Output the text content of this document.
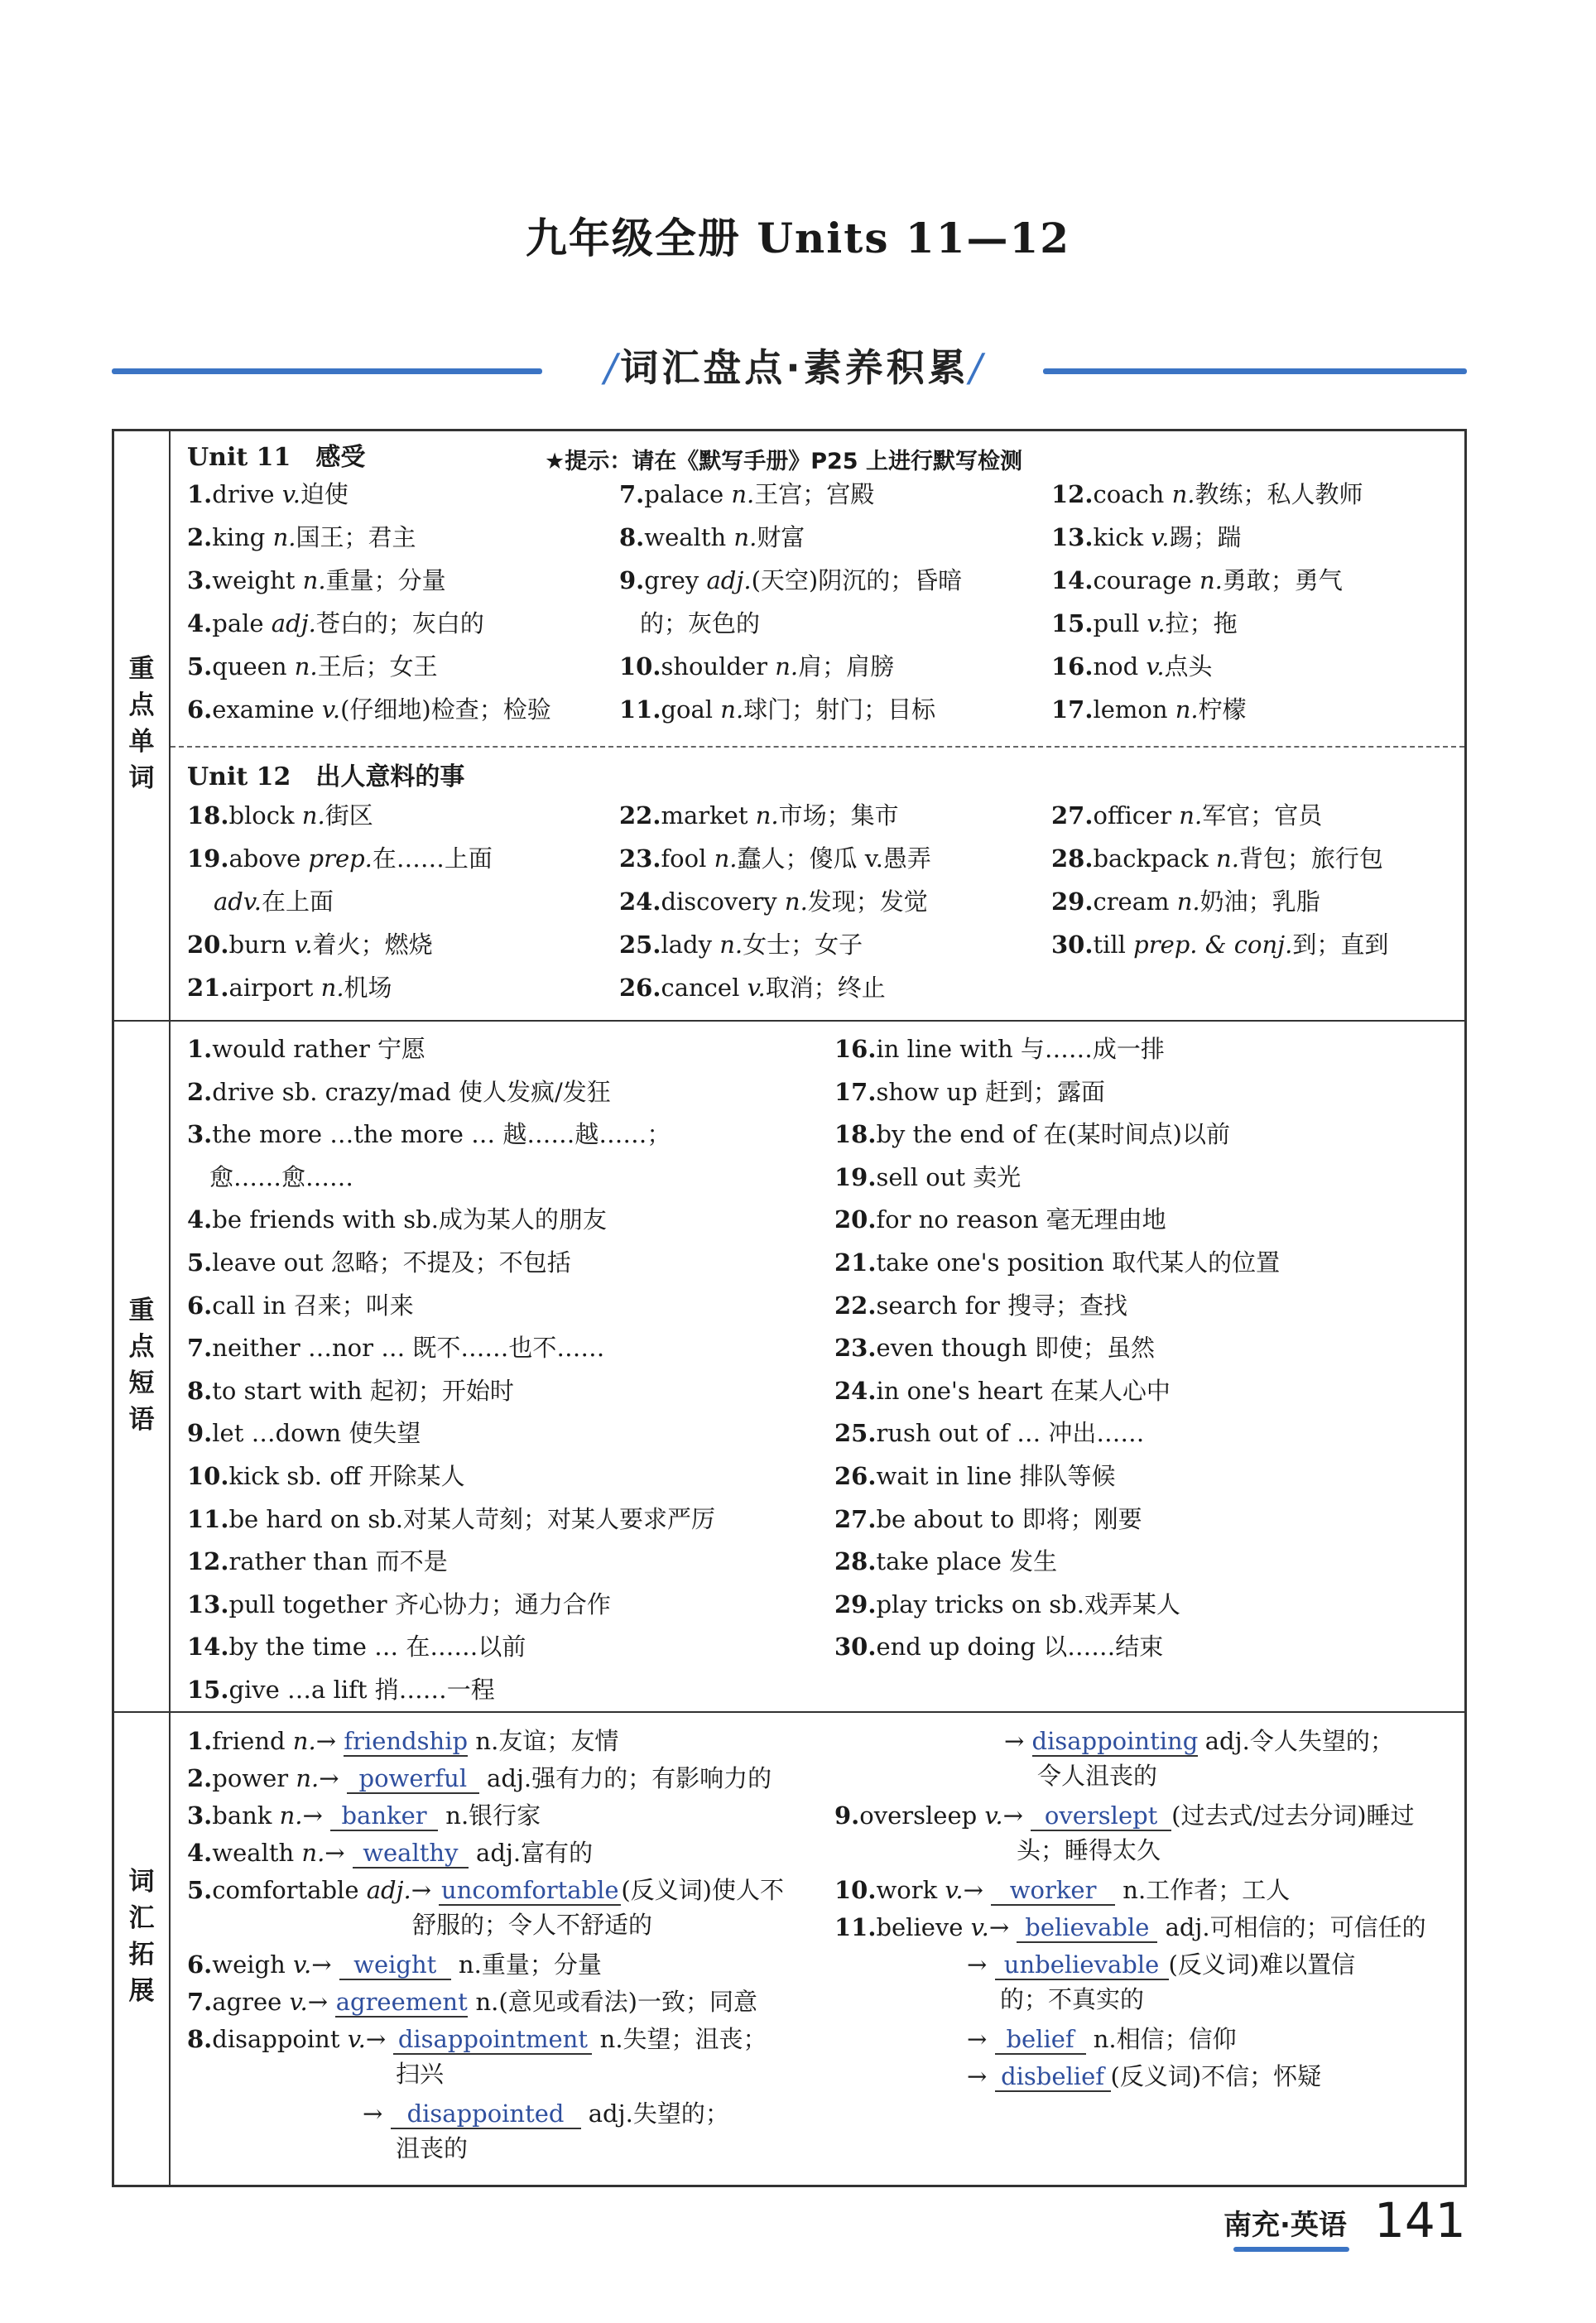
九年级全册 Units 11—12
/词汇盘点·素养积累/
重
点
单
词
重
点
短
语
词
汇
拓
展
Unit 11　感受	★提示：请在《默写手册》P25 上进行默写检测
Unit 12　出人意料的事
1.drive v.迫使
2.king n.国王；君主
3.weight n.重量；分量
4.pale adj.苍白的；灰白的
5.queen n.王后；女王
6.examine v.(仔细地)检查；检验
7.palace n.王宫；宫殿
8.wealth n.财富
9.grey adj.(天空)阴沉的；昏暗
的；灰色的
10.shoulder n.肩；肩膀
11.goal n.球门；射门；目标
12.coach n.教练；私人教师
13.kick v.踢；踹
14.courage n.勇敢；勇气
15.pull v.拉；拖
16.nod v.点头
17.lemon n.柠檬
18.block n.街区
19.above prep.在……上面
adv.在上面
20.burn v.着火；燃烧
21.airport n.机场
22.market n.市场；集市
23.fool n.蠢人；傻瓜 v.愚弄
24.discovery n.发现；发觉
25.lady n.女士；女子
26.cancel v.取消；终止
27.officer n.军官；官员
28.backpack n.背包；旅行包
29.cream n.奶油；乳脂
30.till prep. & conj.到；直到
1.would rather 宁愿
2.drive sb. crazy/mad 使人发疯/发狂
3.the more …the more … 越……越……；
愈……愈……
4.be friends with sb.成为某人的朋友
5.leave out 忽略；不提及；不包括
6.call in 召来；叫来
7.neither …nor … 既不……也不……
8.to start with 起初；开始时
9.let …down 使失望
10.kick sb. off 开除某人
11.be hard on sb.对某人苛刻；对某人要求严厉
12.rather than 而不是
13.pull together 齐心协力；通力合作
14.by the time … 在……以前
15.give …a lift 捎……一程
16.in line with 与……成一排
17.show up 赶到；露面
18.by the end of 在(某时间点)以前
19.sell out 卖光
20.for no reason 毫无理由地
21.take one's position 取代某人的位置
22.search for 搜寻；查找
23.even though 即使；虽然
24.in one's heart 在某人心中
25.rush out of … 冲出……
26.wait in line 排队等候
27.be about to 即将；刚要
28.take place 发生
29.play tricks on sb.戏弄某人
30.end up doing 以……结束
1.friend n.→ friendship n.友谊；友情
2.power n.→ powerful adj.强有力的；有影响力的
3.bank n.→ banker n.银行家
4.wealth n.→ wealthy adj.富有的
5.comfortable adj.→ uncomfortable(反义词)使人不
舒服的；令人不舒适的
6.weigh v.→ weight n.重量；分量
7.agree v.→ agreement n.(意见或看法)一致；同意
8.disappoint v.→ disappointment n.失望；沮丧；
扫兴
→ disappointed adj.失望的；
沮丧的
→ disappointing adj.令人失望的；
令人沮丧的
9.oversleep v.→ overslept (过去式/过去分词)睡过
头；睡得太久
10.work v.→ worker n.工作者；工人
11.believe v.→ believable adj.可相信的；可信任的
→ unbelievable (反义词)难以置信
的；不真实的
→ belief n.相信；信仰
→ disbelief (反义词)不信；怀疑
南充·英语 141
